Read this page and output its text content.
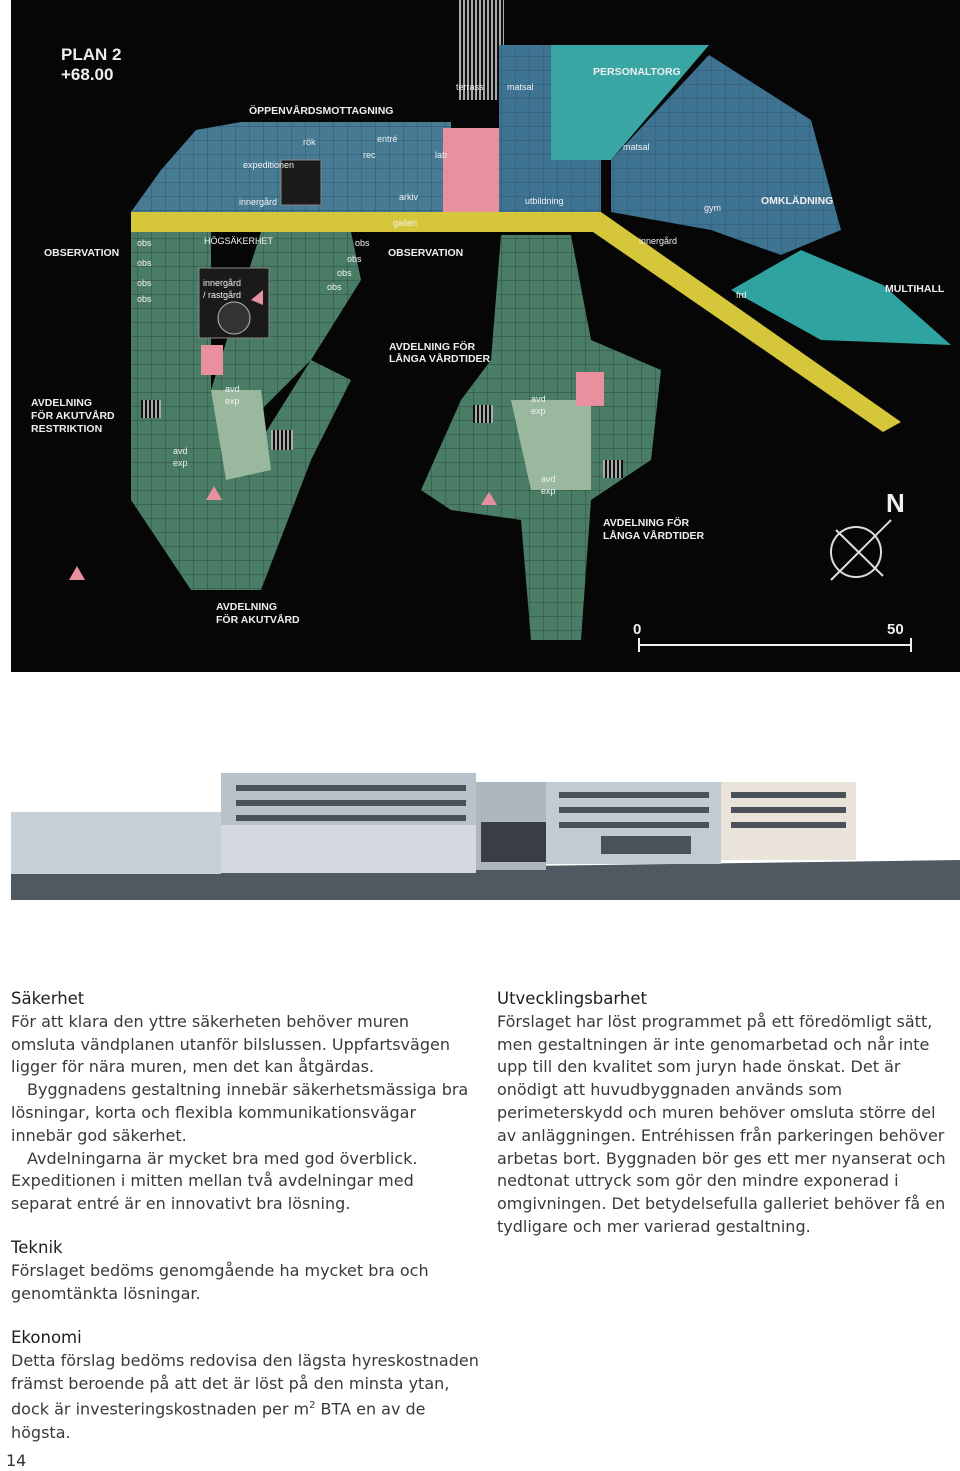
N
0	50
PLAN 2
+68.00
ÖPPENVÅRDSMOTTAGNING
PERSONALTORG
OMKLÄDNING
OBSERVATION	OBSERVATION
MULTIHALL
AVDELNING FÖR
LÅNGA VÅRDTIDER
AVDELNING
FÖR AKUTVÅRD
RESTRIKTION
AVDELNING FÖR
LÅNGA VÅRDTIDER
AVDELNING
FÖR AKUTVÅRD
terrass	matsal
expeditionen
entré
rök
rec	lab
innergård	arkiv	utbildning
matsal
gym
galleri
HÖGSÄKERHET
innergård
/ rastgård
innergård
frd
obs
obs
obs
obs
obs
obs
obs
obs
avd
exp
avd
exp
avd
exp
avd
exp

Säkerhet

För att klara den yttre säkerheten behöver muren omsluta vändplanen utanför bilslussen. Uppfartsvägen ligger för nära muren, men det kan åtgärdas.

Byggnadens gestaltning innebär säkerhetsmässiga bra lösningar, korta och flexibla kommunikationsvägar innebär god säkerhet.

Avdelningarna är mycket bra med god överblick. Expeditionen i mitten mellan två avdelningar med separat entré är en innovativt bra lösning.

Teknik

Förslaget bedöms genomgående ha mycket bra och genomtänkta lösningar.

Ekonomi

Detta förslag bedöms redovisa den lägsta hyreskostnaden främst beroende på att det är löst på den minsta ytan, dock är investeringskostnaden per $m^2$ BTA en av de högsta.

Utvecklingsbarhet

Förslaget har löst programmet på ett föredömligt sätt, men gestaltningen är inte genomarbetad och når inte upp till den kvalitet som juryn hade önskat. Det är onödigt att huvudbyggnaden används som perimeterskydd och muren behöver omsluta större del av anläggningen. Entréhissen från parkeringen behöver arbetas bort. Byggnaden bör ges ett mer nyanserat och nedtonat uttryck som gör den mindre exponerad i omgivningen. Det betydelsefulla galleriet behöver få en tydligare och mer varierad gestaltning.

14
